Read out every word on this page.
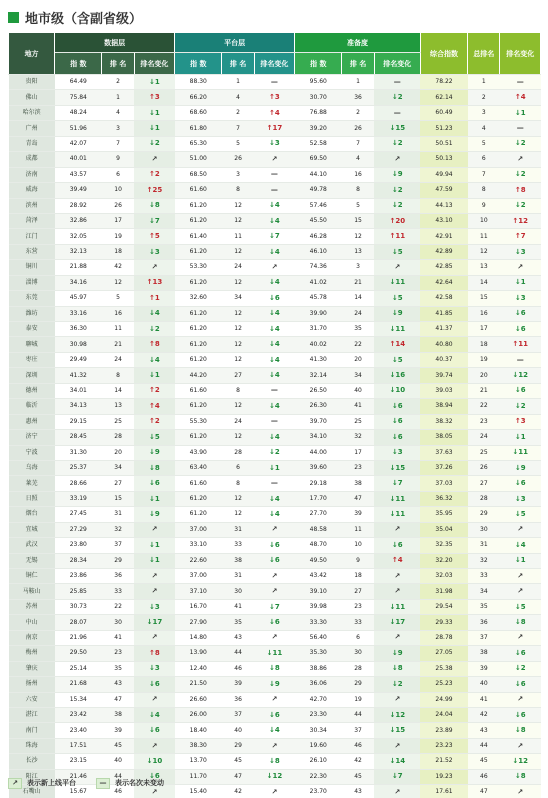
地市级（含副省级）
地方	数据层			平台层			准备度			综合指数	总排名	排名变化
	指 数	排 名	排名变化	指 数	排 名	排名变化	指 数	排 名	排名变化			
贵阳	64.49	2	↓1	88.30	1	—	95.60	1	—	78.22	1	—
佛山	75.84	1	↑3	66.20	4	↑3	30.70	36	↓2	62.14	2	↑4
哈尔滨	48.24	4	↓1	68.60	2	↑4	76.88	2	—	60.49	3	↓1
广州	51.96	3	↓1	61.80	7	↑17	39.20	26	↓15	51.23	4	—
青岛	42.07	7	↓2	65.30	5	↓3	52.58	7	↓2	50.51	5	↓2
成都	40.01	9	↗	51.00	26	↗	69.50	4	↗	50.13	6	↗
济南	43.57	6	↑2	68.50	3	—	44.10	16	↓9	49.94	7	↓2
威海	39.49	10	↑25	61.60	8	—	49.78	8	↓2	47.59	8	↑8
滨州	28.92	26	↓8	61.20	12	↓4	57.46	5	↓2	44.13	9	↓2
菏泽	32.86	17	↓7	61.20	12	↓4	45.50	15	↑20	43.10	10	↑12
江门	32.05	19	↑5	61.40	11	↓7	46.28	12	↑11	42.91	11	↑7
东营	32.13	18	↓3	61.20	12	↓4	46.10	13	↓5	42.89	12	↓3
铜川	21.88	42	↗	53.30	24	↗	74.36	3	↗	42.85	13	↗
淄博	34.16	12	↑13	61.20	12	↓4	41.02	21	↓11	42.64	14	↓1
东莞	45.97	5	↑1	32.60	34	↓6	45.78	14	↓5	42.58	15	↓3
潍坊	33.16	16	↓4	61.20	12	↓4	39.90	24	↓9	41.85	16	↓6
泰安	36.30	11	↓2	61.20	12	↓4	31.70	35	↓11	41.37	17	↓6
聊城	30.98	21	↑8	61.20	12	↓4	40.02	22	↑14	40.80	18	↑11
枣庄	29.49	24	↓4	61.20	12	↓4	41.30	20	↓5	40.37	19	—
深圳	41.32	8	↓1	44.20	27	↓4	32.14	34	↓16	39.74	20	↓12
德州	34.01	14	↑2	61.60	8	—	26.50	40	↓10	39.03	21	↓6
临沂	34.13	13	↑4	61.20	12	↓4	26.30	41	↓6	38.94	22	↓2
惠州	29.15	25	↑2	55.30	24	—	39.70	25	↓6	38.32	23	↑3
济宁	28.45	28	↓5	61.20	12	↓4	34.10	32	↓6	38.05	24	↓1
宁波	31.30	20	↓9	43.90	28	↓2	44.00	17	↓3	37.63	25	↓11
乌海	25.37	34	↓8	63.40	6	↓1	39.60	23	↓15	37.26	26	↓9
莱芜	28.66	27	↓6	61.60	8	—	29.18	38	↓7	37.03	27	↓6
日照	33.19	15	↓1	61.20	12	↓4	17.70	47	↓11	36.32	28	↓3
烟台	27.45	31	↓9	61.20	12	↓4	27.70	39	↓11	35.95	29	↓5
宜城	27.29	32	↗	37.00	31	↗	48.58	11	↗	35.04	30	↗
武汉	23.80	37	↓1	33.10	33	↓6	48.70	10	↓6	32.35	31	↓4
无锡	28.34	29	↓1	22.60	38	↓6	49.50	9	↑4	32.20	32	↓1
铜仁	23.86	36	↗	37.00	31	↗	43.42	18	↗	32.03	33	↗
马鞍山	25.85	33	↗	37.10	30	↗	39.10	27	↗	31.98	34	↗
苏州	30.73	22	↓3	16.70	41	↓7	39.98	23	↓11	29.54	35	↓5
中山	28.07	30	↓17	27.90	35	↓6	33.30	33	↓17	29.33	36	↓8
南京	21.96	41	↗	14.80	43	↗	56.40	6	↗	28.78	37	↗
梅州	29.50	23	↑8	13.90	44	↓11	35.30	30	↓9	27.05	38	↓6
肇庆	25.14	35	↓3	12.40	46	↓8	38.86	28	↓8	25.38	39	↓2
扬州	21.68	43	↓6	21.50	39	↓9	36.06	29	↓2	25.23	40	↓6
六安	15.34	47	↗	26.60	36	↗	42.70	19	↗	24.99	41	↗
湛江	23.42	38	↓4	26.00	37	↓6	23.30	44	↓12	24.04	42	↓6
南门	23.40	39	↓6	18.40	40	↓4	30.34	37	↓15	23.89	43	↓8
珠海	17.51	45	↗	38.30	29	↗	19.60	46	↗	23.23	44	↗
长沙	23.15	40	↓10	13.70	45	↓8	26.10	42	↓14	21.52	45	↓12
阳江	21.46	44	↓6	11.70	47	↓12	22.30	45	↓7	19.23	46	↓8
石嘴山	15.67	46	↗	15.40	42	↗	23.70	43	↗	17.61	47	↗
↗	表示新上线平台	—	表示名次未变动
